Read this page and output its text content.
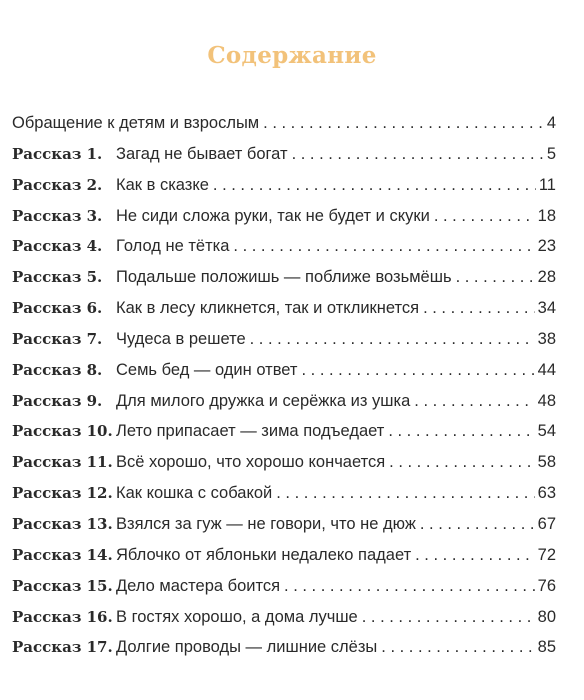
Содержание
Обращение к детям и взрослым . . .	4
Рассказ 1. Загад не бывает богат . . .	5
Рассказ 2. Как в сказке . . .	11
Рассказ 3. Не сиди сложа руки, так не будет и скуки . . .	18
Рассказ 4. Голод не тётка . . .	23
Рассказ 5. Подальше положишь — поближе возьмёшь . . .	28
Рассказ 6. Как в лесу кликнется, так и откликнется . . .	34
Рассказ 7. Чудеса в решете . . .	38
Рассказ 8. Семь бед — один ответ . . .	44
Рассказ 9. Для милого дружка и серёжка из ушка . . .	48
Рассказ 10. Лето припасает — зима подъедает . . .	54
Рассказ 11. Всё хорошо, что хорошо кончается . . .	58
Рассказ 12. Как кошка с собакой . . .	63
Рассказ 13. Взялся за гуж — не говори, что не дюж . . .	67
Рассказ 14. Яблочко от яблоньки недалеко падает . . .	72
Рассказ 15. Дело мастера боится . . .	76
Рассказ 16. В гостях хорошо, а дома лучше . . .	80
Рассказ 17. Долгие проводы — лишние слёзы . . .	85
